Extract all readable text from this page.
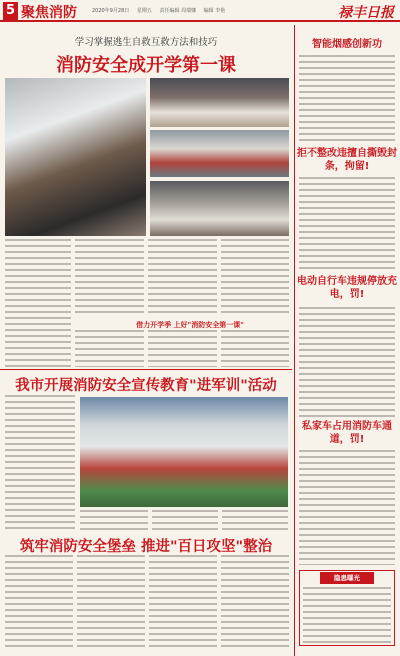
5 聚焦消防	2020年9月28日 星期五 责任编辑 周瑞娜 编辑 李艳	禄丰日报
学习掌握逃生自救互救方法和技巧
消防安全成开学第一课
借力开学季 上好"消防安全第一课"
我市开展消防安全宣传教育"进军训"活动
筑牢消防安全堡垒 推进"百日攻坚"整治
智能烟感创新功
拒不整改违擅自撕毁封条，拘留!
电动自行车违规停放充电，罚!
私家车占用消防车通道，罚!
隐患曝光
